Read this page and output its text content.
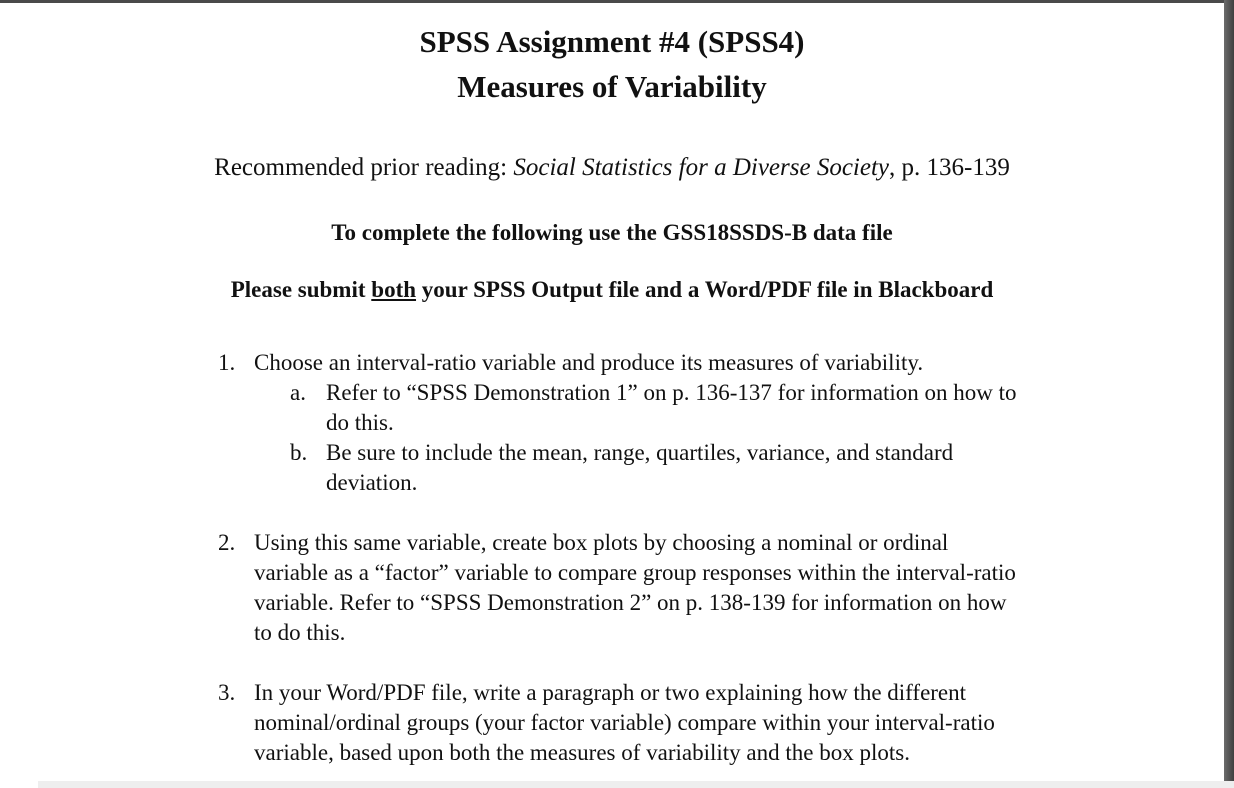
SPSS Assignment #4 (SPSS4)
Measures of Variability
Recommended prior reading: Social Statistics for a Diverse Society, p. 136-139
To complete the following use the GSS18SSDS-B data file
Please submit both your SPSS Output file and a Word/PDF file in Blackboard
1. Choose an interval-ratio variable and produce its measures of variability.
a. Refer to “SPSS Demonstration 1” on p. 136-137 for information on how to
do this.
b. Be sure to include the mean, range, quartiles, variance, and standard
deviation.
2. Using this same variable, create box plots by choosing a nominal or ordinal
variable as a “factor” variable to compare group responses within the interval-ratio
variable. Refer to “SPSS Demonstration 2” on p. 138-139 for information on how
to do this.
3. In your Word/PDF file, write a paragraph or two explaining how the different
nominal/ordinal groups (your factor variable) compare within your interval-ratio
variable, based upon both the measures of variability and the box plots.
